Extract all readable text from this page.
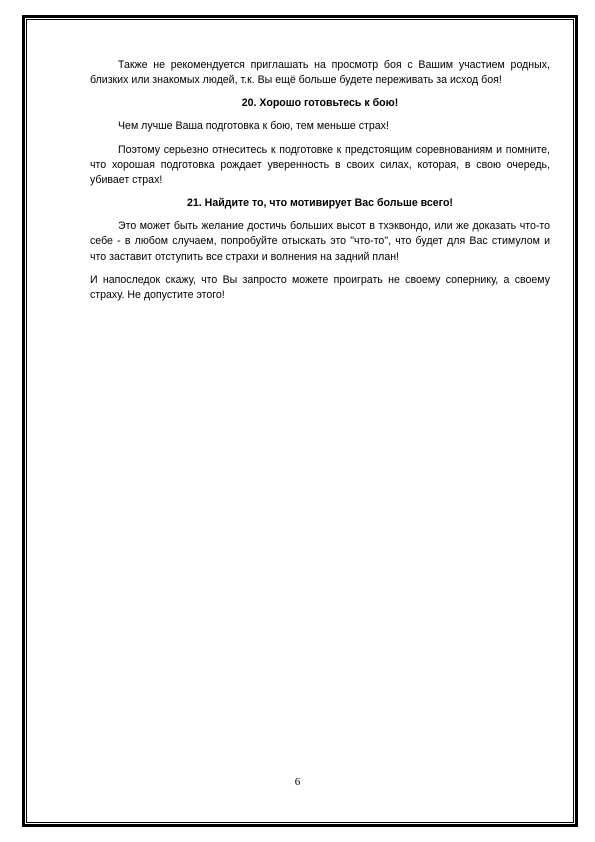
Также не рекомендуется приглашать на просмотр боя с Вашим участием родных, близких или знакомых людей, т.к. Вы ещё больше будете переживать за исход боя!

20. Хорошо готовьтесь к бою!

Чем лучше Ваша подготовка к бою, тем меньше страх!

Поэтому серьезно отнеситесь к подготовке к предстоящим соревнованиям и помните, что хорошая подготовка рождает уверенность в своих силах, которая, в свою очередь, убивает страх!

21. Найдите то, что мотивирует Вас больше всего!

Это может быть желание достичь больших высот в тхэквондо, или же доказать что-то себе - в любом случаем, попробуйте отыскать это "что-то", что будет для Вас стимулом и что заставит отступить все страхи и волнения на задний план!

И напоследок скажу, что Вы запросто можете проиграть не своему сопернику, а своему страху. Не допустите этого!

6
